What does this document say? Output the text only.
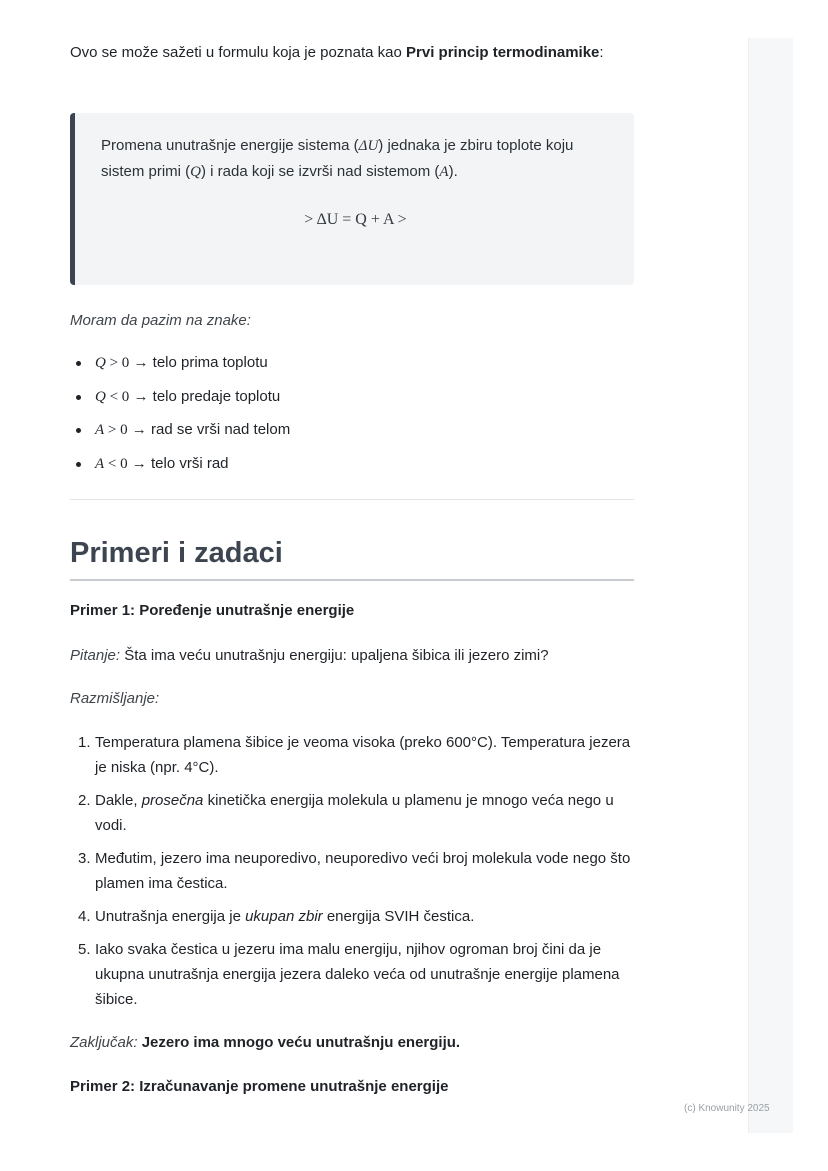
Ovo se može sažeti u formulu koja je poznata kao Prvi princip termodinamike:

Promena unutrašnje energije sistema (ΔU) jednaka je zbiru toplote koju

sistem primi (Q) i rada koji se izvrši nad sistemom (A).

> ΔU = Q + A >

Moram da pazim na znake:

Q > 0 → telo prima toplotu
Q < 0 → telo predaje toplotu
A > 0 → rad se vrši nad telom
A < 0 → telo vrši rad
Primeri i zadaci

Primer 1: Poređenje unutrašnje energije

Pitanje: Šta ima veću unutrašnju energiju: upaljena šibica ili jezero zimi?

Razmišljanje:

1. Temperatura plamena šibice je veoma visoka (preko 600°C). Temperatura jezera je niska (npr. 4°C).
2. Dakle, prosečna kinetička energija molekula u plamenu je mnogo veća nego u vodi.
3. Međutim, jezero ima neuporedivo, neuporedivo veći broj molekula vode nego što plamen ima čestica.
4. Unutrašnja energija je ukupan zbir energija SVIH čestica.
5. Iako svaka čestica u jezeru ima malu energiju, njihov ogroman broj čini da je ukupna unutrašnja energija jezera daleko veća od unutrašnje energije plamena šibice.

Zaključak: Jezero ima mnogo veću unutrašnju energiju.

Primer 2: Izračunavanje promene unutrašnje energije

(c) Knowunity 2025
